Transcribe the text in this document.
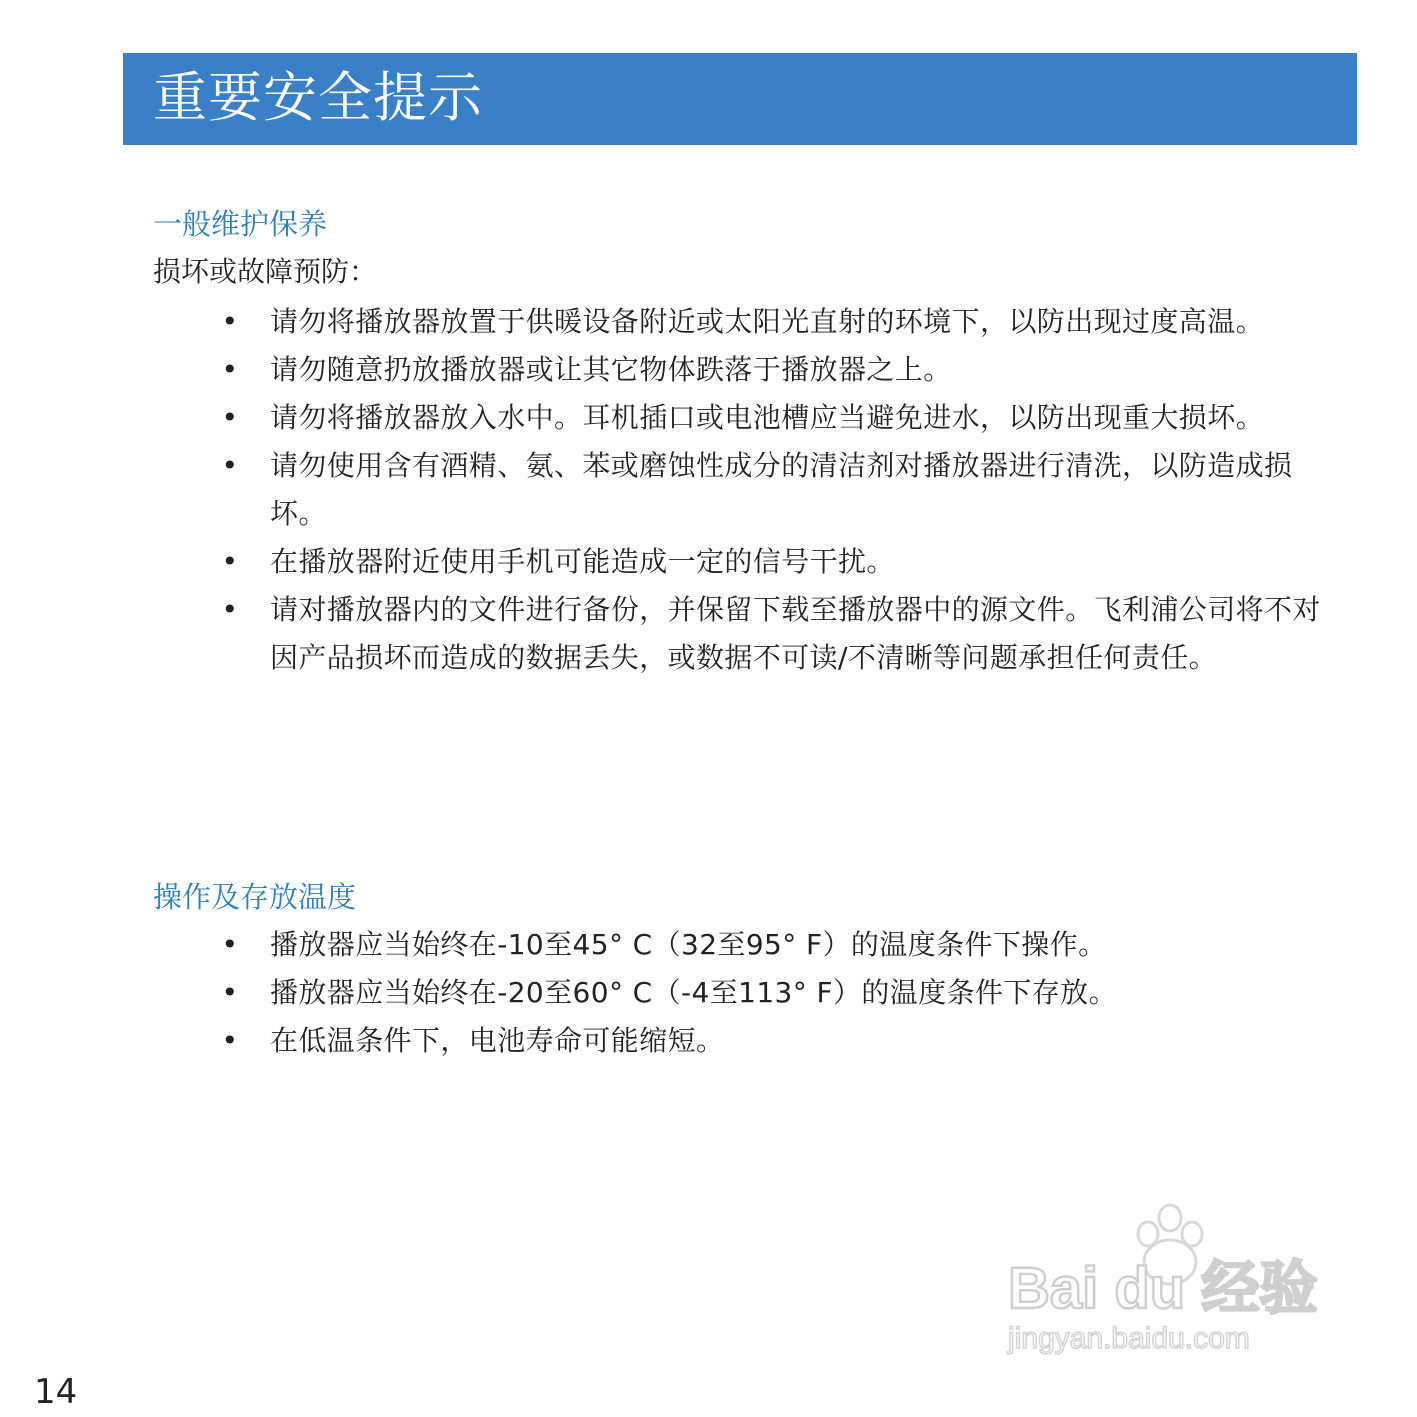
重要安全提示
一般维护保养
损坏或故障预防：
• 请勿将播放器放置于供暖设备附近或太阳光直射的环境下，以防出现过度高温。
• 请勿随意扔放播放器或让其它物体跌落于播放器之上。
• 请勿将播放器放入水中。耳机插口或电池槽应当避免进水，以防出现重大损坏。
• 请勿使用含有酒精、氨、苯或磨蚀性成分的清洁剂对播放器进行清洗，以防造成损坏。
• 在播放器附近使用手机可能造成一定的信号干扰。
• 请对播放器内的文件进行备份，并保留下载至播放器中的源文件。飞利浦公司将不对因产品损坏而造成的数据丢失，或数据不可读/不清晰等问题承担任何责任。
操作及存放温度
• 播放器应当始终在-10至45° C（32至95° F）的温度条件下操作。
• 播放器应当始终在-20至60° C（-4至113° F）的温度条件下存放。
• 在低温条件下，电池寿命可能缩短。
Bai du 经验
jingyan.baidu.com
14
